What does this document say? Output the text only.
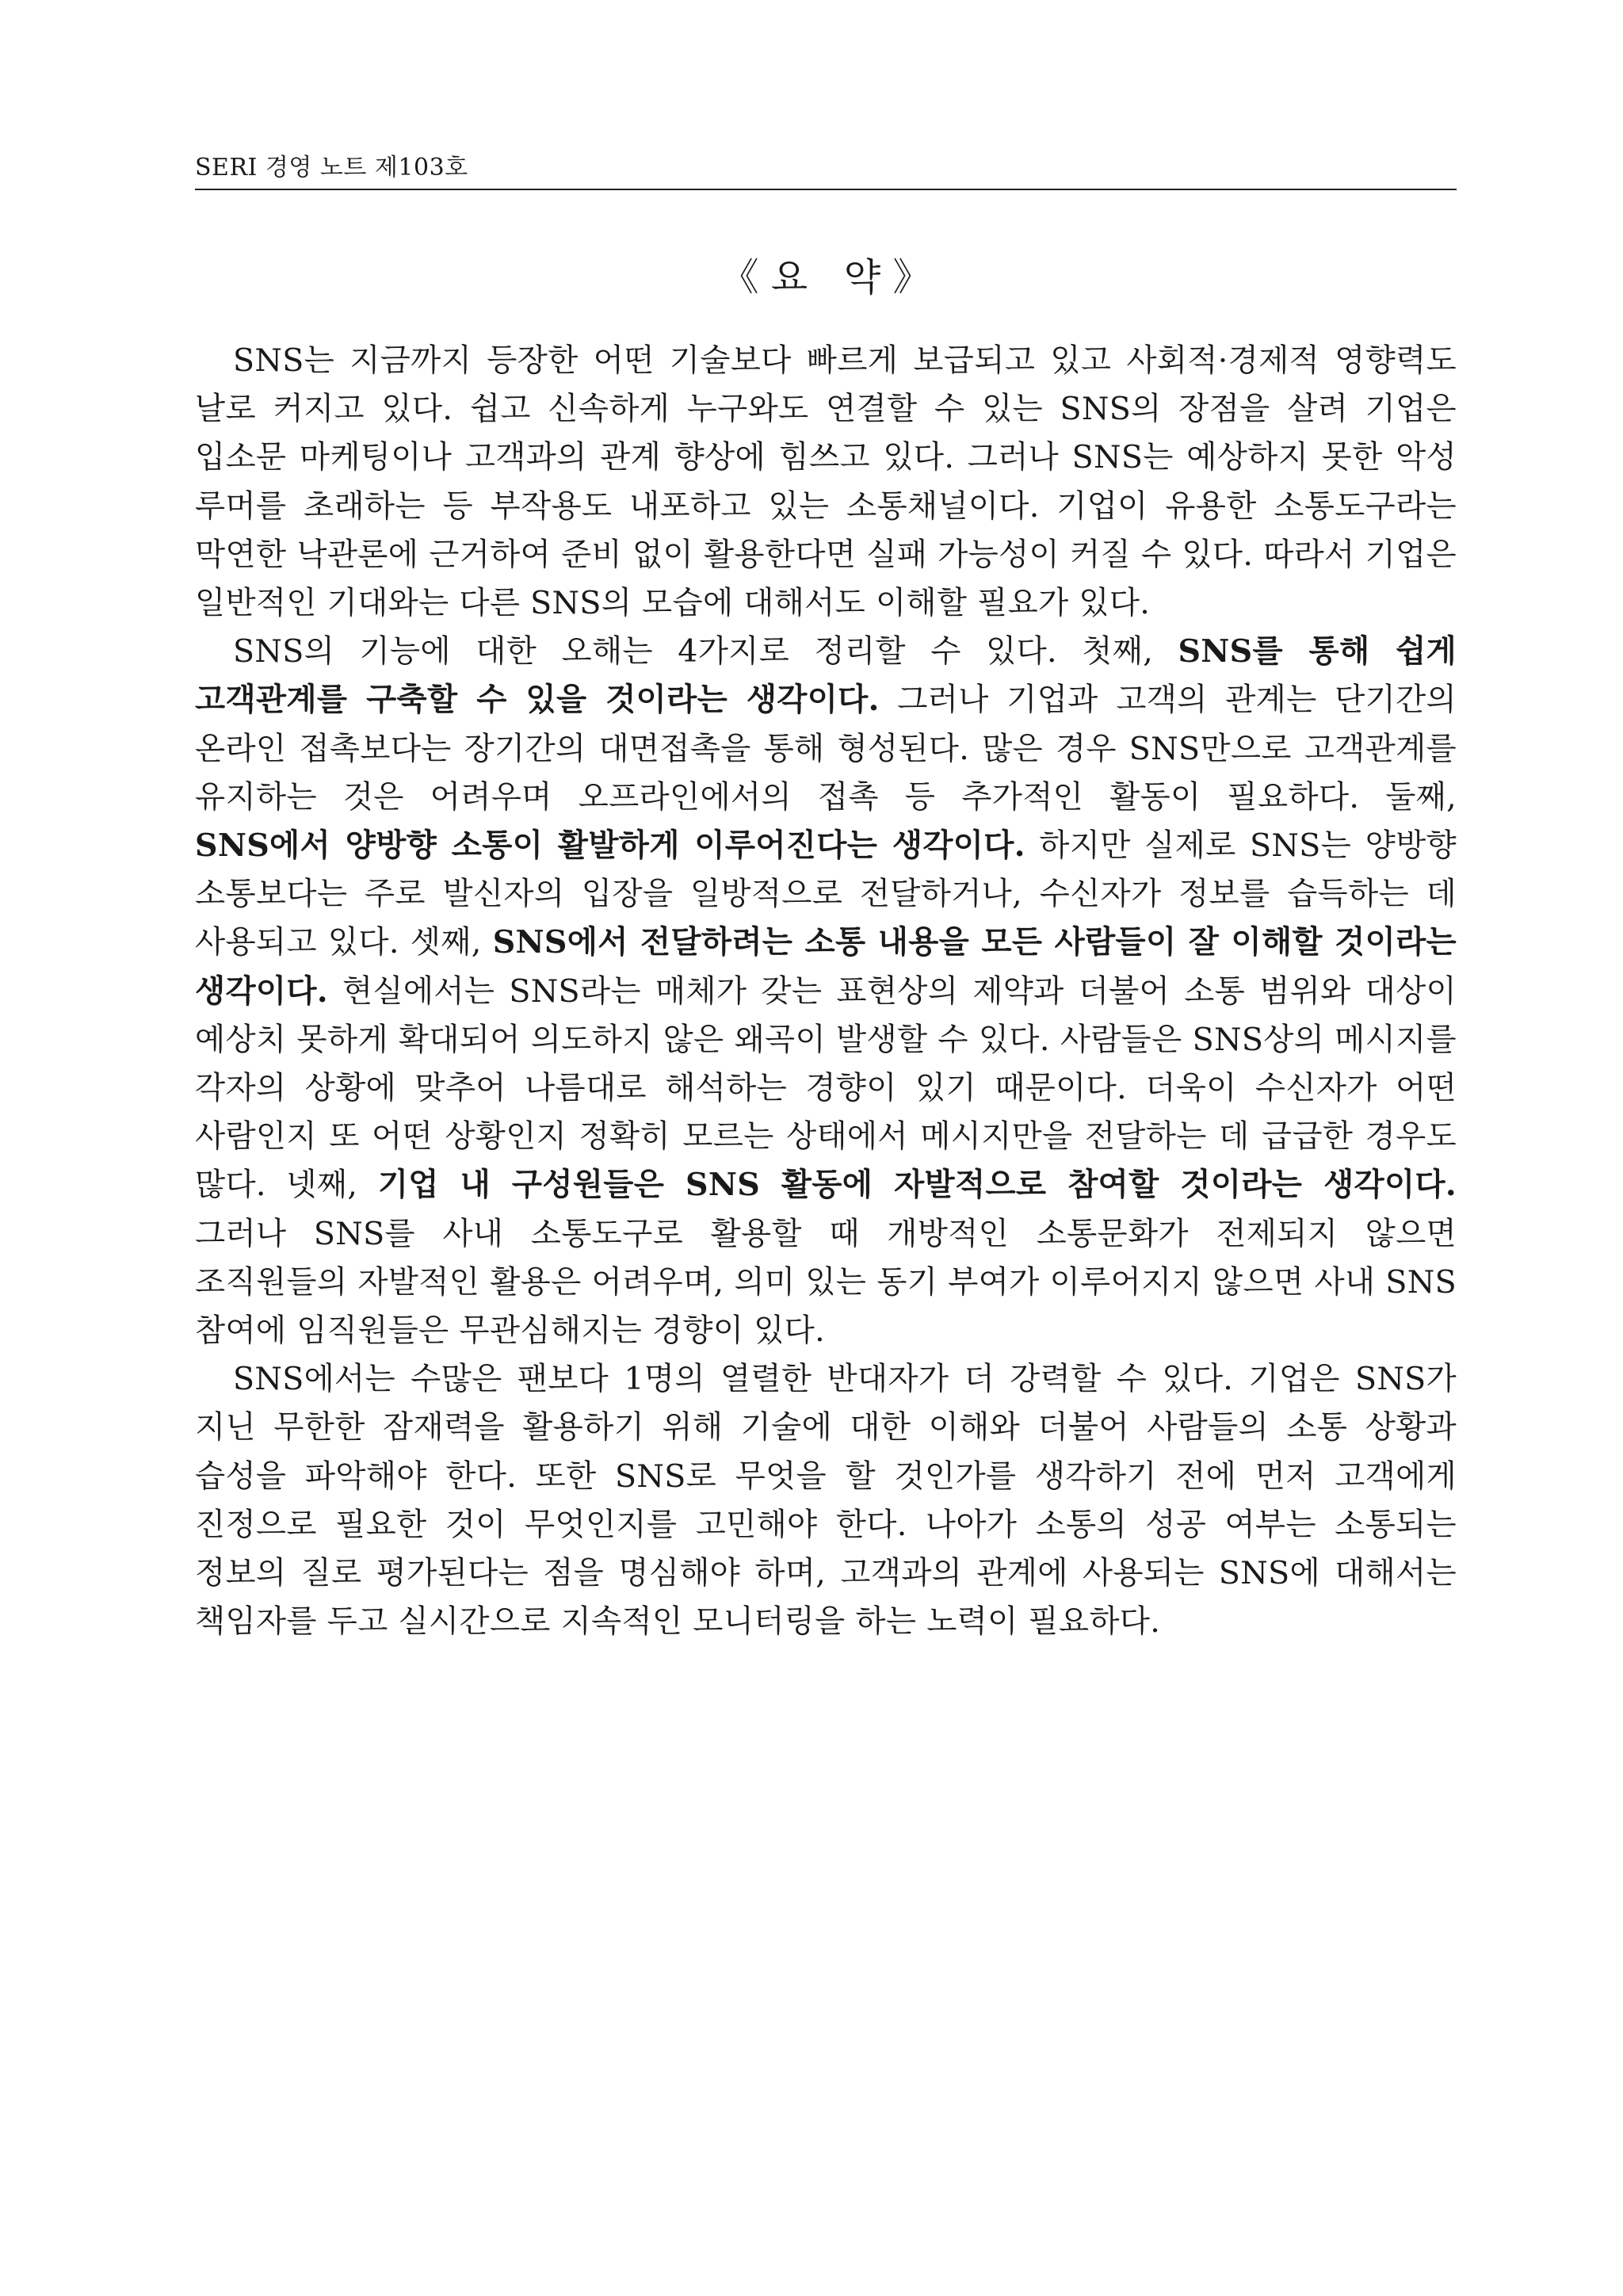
SERI 경영 노트 제103호
《 요   약 》

SNS는 지금까지 등장한 어떤 기술보다 빠르게 보급되고 있고 사회적·경제적 영향력도 날로 커지고 있다. 쉽고 신속하게 누구와도 연결할 수 있는 SNS의 장점을 살려 기업은 입소문 마케팅이나 고객과의 관계 향상에 힘쓰고 있다. 그러나 SNS는 예상하지 못한 악성 루머를 초래하는 등 부작용도 내포하고 있는 소통채널이다. 기업이 유용한 소통도구라는 막연한 낙관론에 근거하여 준비 없이 활용한다면 실패 가능성이 커질 수 있다. 따라서 기업은 일반적인 기대와는 다른 SNS의 모습에 대해서도 이해할 필요가 있다.

SNS의 기능에 대한 오해는 4가지로 정리할 수 있다. 첫째, SNS를 통해 쉽게 고객관계를 구축할 수 있을 것이라는 생각이다. 그러나 기업과 고객의 관계는 단기간의 온라인 접촉보다는 장기간의 대면접촉을 통해 형성된다. 많은 경우 SNS만으로 고객관계를 유지하는 것은 어려우며 오프라인에서의 접촉 등 추가적인 활동이 필요하다. 둘째, SNS에서 양방향 소통이 활발하게 이루어진다는 생각이다. 하지만 실제로 SNS는 양방향 소통보다는 주로 발신자의 입장을 일방적으로 전달하거나, 수신자가 정보를 습득하는 데 사용되고 있다. 셋째, SNS에서 전달하려는 소통 내용을 모든 사람들이 잘 이해할 것이라는 생각이다. 현실에서는 SNS라는 매체가 갖는 표현상의 제약과 더불어 소통 범위와 대상이 예상치 못하게 확대되어 의도하지 않은 왜곡이 발생할 수 있다. 사람들은 SNS상의 메시지를 각자의 상황에 맞추어 나름대로 해석하는 경향이 있기 때문이다. 더욱이 수신자가 어떤 사람인지 또 어떤 상황인지 정확히 모르는 상태에서 메시지만을 전달하는 데 급급한 경우도 많다. 넷째, 기업 내 구성원들은 SNS 활동에 자발적으로 참여할 것이라는 생각이다. 그러나 SNS를 사내 소통도구로 활용할 때 개방적인 소통문화가 전제되지 않으면 조직원들의 자발적인 활용은 어려우며, 의미 있는 동기 부여가 이루어지지 않으면 사내 SNS 참여에 임직원들은 무관심해지는 경향이 있다.

SNS에서는 수많은 팬보다 1명의 열렬한 반대자가 더 강력할 수 있다. 기업은 SNS가 지닌 무한한 잠재력을 활용하기 위해 기술에 대한 이해와 더불어 사람들의 소통 상황과 습성을 파악해야 한다. 또한 SNS로 무엇을 할 것인가를 생각하기 전에 먼저 고객에게 진정으로 필요한 것이 무엇인지를 고민해야 한다. 나아가 소통의 성공 여부는 소통되는 정보의 질로 평가된다는 점을 명심해야 하며, 고객과의 관계에 사용되는 SNS에 대해서는 책임자를 두고 실시간으로 지속적인 모니터링을 하는 노력이 필요하다.
